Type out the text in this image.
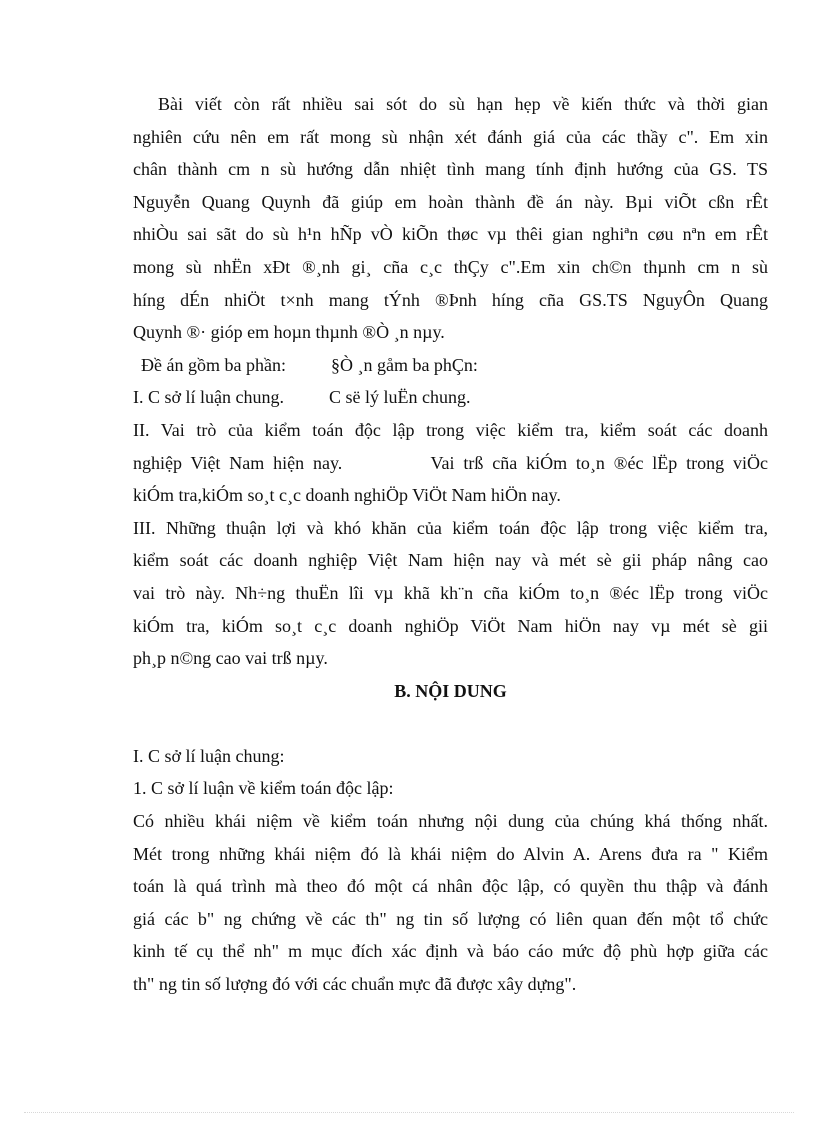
Bài viết còn rất nhiều sai sót do sù hạn hẹp về kiến thức và thời gian
nghiên cứu nên em rất mong sù nhận xét đánh giá của các thầy c". Em xin
chân thành cm n sù hướng dẫn nhiệt tình mang tính định hướng của GS. TS
Nguyễn Quang Quynh đã giúp em hoàn thành đề án này. Bµi viÕt cßn rÊt
nhiÒu sai sãt do sù h¹n hÑp vÒ kiÕn thøc vµ thêi gian nghiªn cøu nªn em rÊt
mong sù nhËn xÐt ®¸nh gi¸ cña c¸c thÇy c".Em xin ch©n thµnh cm n sù
híng dÉn nhiÖt t×nh mang tÝnh ®Þnh híng cña GS.TS NguyÔn Quang
Quynh ®· gióp em hoµn thµnh ®Ò ¸n nµy.
Đề án gồm ba phần:          §Ò ¸n gåm ba phÇn:
I. C sở lí luận chung.          C së lý luËn chung.
II. Vai trò của kiểm toán độc lập trong việc kiểm tra, kiểm soát các doanh
nghiệp Việt Nam hiện nay.          Vai trß cña kiÓm to¸n ®éc lËp trong viÖc
kiÓm tra,kiÓm so¸t c¸c doanh nghiÖp ViÖt Nam hiÖn nay.
III. Những thuận lợi và khó khăn của kiểm toán độc lập trong việc kiểm tra,
kiểm soát các doanh nghiệp Việt Nam hiện nay và mét sè gii pháp nâng cao
vai trò này. Nh÷ng thuËn lîi vµ khã kh¨n cña kiÓm to¸n ®éc lËp trong viÖc
kiÓm tra, kiÓm so¸t c¸c doanh nghiÖp ViÖt Nam hiÖn nay vµ mét sè gii
ph¸p n©ng cao vai trß nµy.
B. NỘI DUNG
I. C sở lí luận chung:
1. C sở lí luận về kiểm toán độc lập:
Có nhiều khái niệm về kiểm toán nhưng nội dung của chúng khá thống nhất.
Mét trong những khái niệm đó là khái niệm do Alvin A. Arens đưa ra " Kiểm
toán là quá trình mà theo đó một cá nhân độc lập, có quyền thu thập và đánh
giá các b" ng chứng về các th" ng tin số lượng có liên quan đến một tổ chức
kinh tế cụ thể nh" m mục đích xác định và báo cáo mức độ phù hợp giữa các
th" ng tin số lượng đó với các chuẩn mực đã được xây dựng".
